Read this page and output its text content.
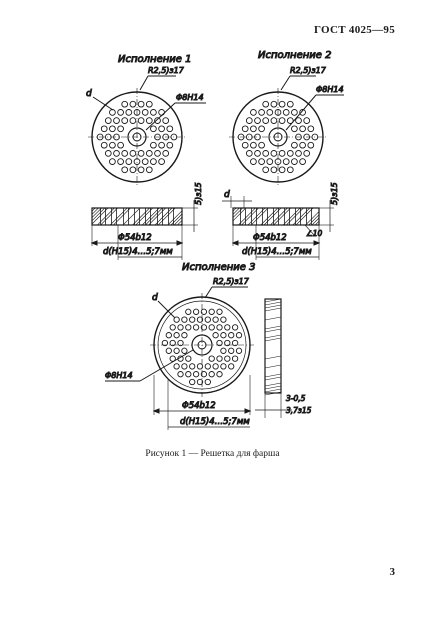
ГОСТ 4025—95
Исполнение 1
R2,5)з17
d	Φ8H14
5)з15
Φ54b12
d(H15)4…5;7мм
Исполнение 2
R2,5)з17
Φ8H14
d	5)з15
∠10
Φ54b12
d(H15)4…5;7мм
Исполнение 3
R2,5)з17
d
Φ8H14
Φ54b12
d(H15)4…5;7мм
3-0,5
3,7з15
Рисунок 1 — Решетка для фарша
3
